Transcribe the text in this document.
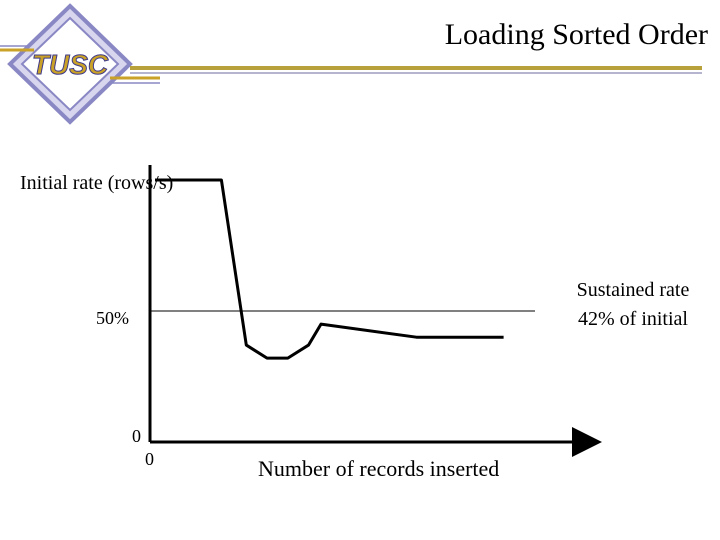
TUSC
Loading Sorted Order
Initial rate (rows/s)
50%
0
0	Number of records inserted
Sustained rate 42% of initial
